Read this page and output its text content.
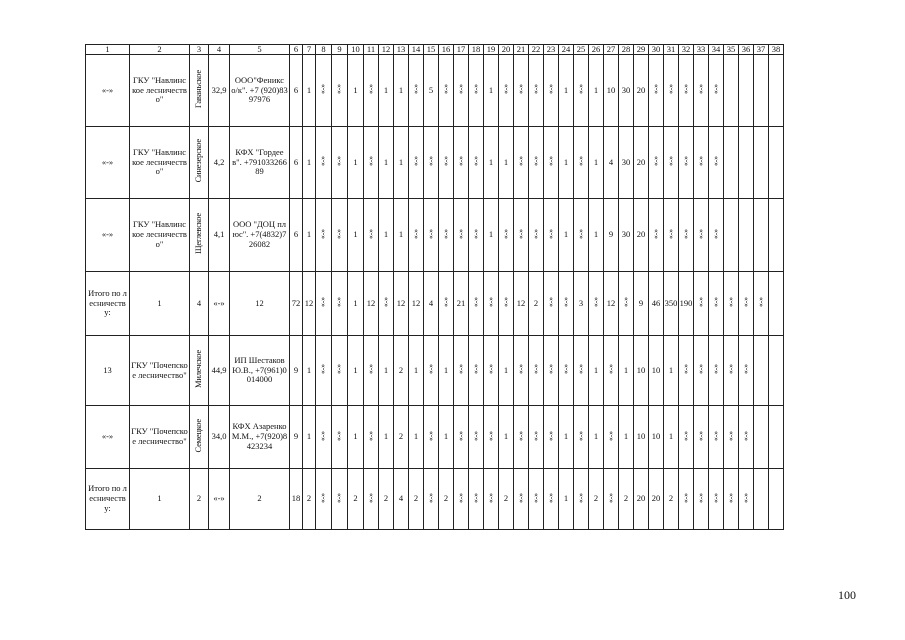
1	2	3	4	5	6	7	8	9	10	11	12	13	14	15	16	17	18	19	20	21	22	23	24	25	26	27	28	29	30	31	32	33	34	35	36	37	38
«-»	ГКУ "Навлинское лесничество"	Гаваньское	32,9	ООО"Феникс о/к". +7 (920)8397976	6	1	«-»	«-»	1	«-»	1	1	«-»	5	«-»	«-»	«-»	1	«-»	«-»	«-»	«-»	1	«-»	1	10	30	20	«-»	«-»	«-»	«-»	«-»				
«-»	ГКУ "Навлинское лесничество"	Синезерское	4,2	КФХ "Гордеев". +79103326689	6	1	«-»	«-»	1	«-»	1	1	«-»	«-»	«-»	«-»	«-»	1	1	«-»	«-»	«-»	1	«-»	1	4	30	20	«-»	«-»	«-»	«-»	«-»				
«-»	ГКУ "Навлинское лесничество"	Щеглевское	4,1	ООО "ДОЦ плюс". +7(4832)726082	6	1	«-»	«-»	1	«-»	1	1	«-»	«-»	«-»	«-»	«-»	1	«-»	«-»	«-»	«-»	1	«-»	1	9	30	20	«-»	«-»	«-»	«-»	«-»				

Итого по лесничеству:	1	4	«-»	12	72	12	«-»	«-»	1	12	«-»	12	12	4	«-»	21	«-»	«-»	«-»	12	2	«-»	«-»	3	«-»	12	«-»	9	46	350	190	«-»	«-»	«-»	«-»	«-»	
13	ГКУ "Почепское лесничество"	Милечское	44,9	ИП Шестаков Ю.В., +7(961)0014000	9	1	«-»	«-»	1	«-»	1	2	1	«-»	1	«-»	«-»	«-»	1	«-»	«-»	«-»	«-»	«-»	1	«-»	1	10	10	1	«-»	«-»	«-»	«-»	«-»		
«-»	ГКУ "Почепское лесничество"	Семецкое	34,0	КФХ Азаренко М.М., +7(920)8423234	9	1	«-»	«-»	1	«-»	1	2	1	«-»	1	«-»	«-»	«-»	1	«-»	«-»	«-»	1	«-»	1	«-»	1	10	10	1	«-»	«-»	«-»	«-»	«-»		

Итого по лесничеству:	1	2	«-»	2	18	2	«-»	«-»	2	«-»	2	4	2	«-»	2	«-»	«-»	«-»	2	«-»	«-»	«-»	1	«-»	2	«-»	2	20	20	2	«-»	«-»	«-»	«-»	«-»		
100
